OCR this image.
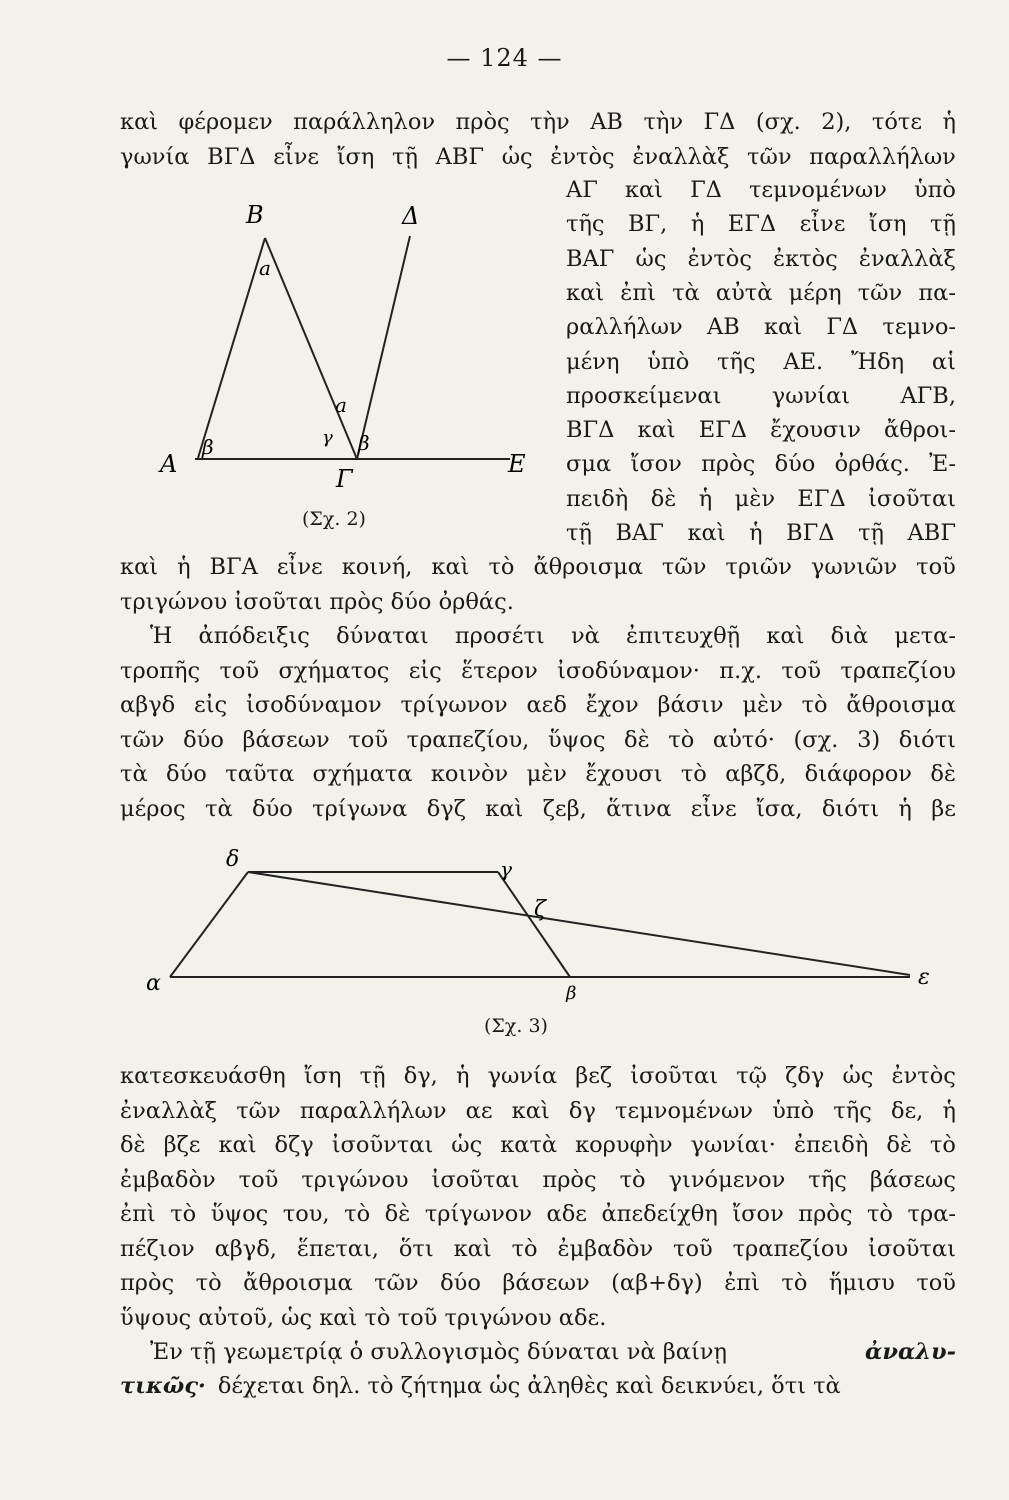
— 124 —
καὶ φέρομεν παράλληλον πρὸς τὴν ΑΒ τὴν ΓΔ (σχ. 2), τότε ἡ
γωνία ΒΓΔ εἶνε ἴση τῇ ΑΒΓ ὡς ἐντὸς ἐναλλὰξ τῶν παραλλήλων
ΑΓ καὶ ΓΔ τεμνομένων ὑπὸ
τῆς ΒΓ, ἡ ΕΓΔ εἶνε ἴση τῇ
ΒΑΓ ὡς ἐντὸς ἐκτὸς ἐναλλὰξ
καὶ ἐπὶ τὰ αὐτὰ μέρη τῶν πα-
ραλλήλων ΑΒ καὶ ΓΔ τεμνο-
μένη ὑπὸ τῆς ΑΕ. Ἤδη αἱ
προσκείμεναι γωνίαι ΑΓΒ,
ΒΓΔ καὶ ΕΓΔ ἔχουσιν ἄθροι-
σμα ἴσον πρὸς δύο ὀρθάς. Ἐ-
πειδὴ δὲ ἡ μὲν ΕΓΔ ἰσοῦται
τῇ ΒΑΓ καὶ ἡ ΒΓΔ τῇ ΑΒΓ
καὶ ἡ ΒΓΑ εἶνε κοινή, καὶ τὸ ἄθροισμα τῶν τριῶν γωνιῶν τοῦ
τριγώνου ἰσοῦται πρὸς δύο ὀρθάς.
Ἡ ἀπόδειξις δύναται προσέτι νὰ ἐπιτευχθῇ καὶ διὰ μετα-
τροπῆς τοῦ σχήματος εἰς ἕτερον ἰσοδύναμον· π.χ. τοῦ τραπεζίου
αβγδ εἰς ἰσοδύναμον τρίγωνον αεδ ἔχον βάσιν μὲν τὸ ἄθροισμα
τῶν δύο βάσεων τοῦ τραπεζίου, ὕψος δὲ τὸ αὐτό· (σχ. 3) διότι
τὰ δύο ταῦτα σχήματα κοινὸν μὲν ἔχουσι τὸ αβζδ, διάφορον δὲ
μέρος τὰ δύο τρίγωνα δγζ καὶ ζεβ, ἅτινα εἶνε ἴσα, διότι ἡ βε
κατεσκευάσθη ἴση τῇ δγ, ἡ γωνία βεζ ἰσοῦται τῷ ζδγ ὡς ἐντὸς
ἐναλλὰξ τῶν παραλλήλων αε καὶ δγ τεμνομένων ὑπὸ τῆς δε, ἡ
δὲ βζε καὶ δζγ ἰσοῦνται ὡς κατὰ κορυφὴν γωνίαι· ἐπειδὴ δὲ τὸ
ἐμβαδὸν τοῦ τριγώνου ἰσοῦται πρὸς τὸ γινόμενον τῆς βάσεως
ἐπὶ τὸ ὕψος του, τὸ δὲ τρίγωνον αδε ἀπεδείχθη ἴσον πρὸς τὸ τρα-
πέζιον αβγδ, ἕπεται, ὅτι καὶ τὸ ἐμβαδὸν τοῦ τραπεζίου ἰσοῦται
πρὸς τὸ ἄθροισμα τῶν δύο βάσεων (αβ+δγ) ἐπὶ τὸ ἥμισυ τοῦ
ὕψους αὐτοῦ, ὡς καὶ τὸ τοῦ τριγώνου αδε.
Ἐν τῇ γεωμετρίᾳ ὁ συλλογισμὸς δύναται νὰ βαίνῃ	ἀναλυ-
τικῶς· δέχεται δηλ. τὸ ζήτημα ὡς ἀληθὲς καὶ δεικνύει, ὅτι τὰ
B	Δ
Α	Ε
Γ
a
a
β	γ β
(Σχ. 2)
δ	γ
ζ
α	β
ε
(Σχ. 3)
